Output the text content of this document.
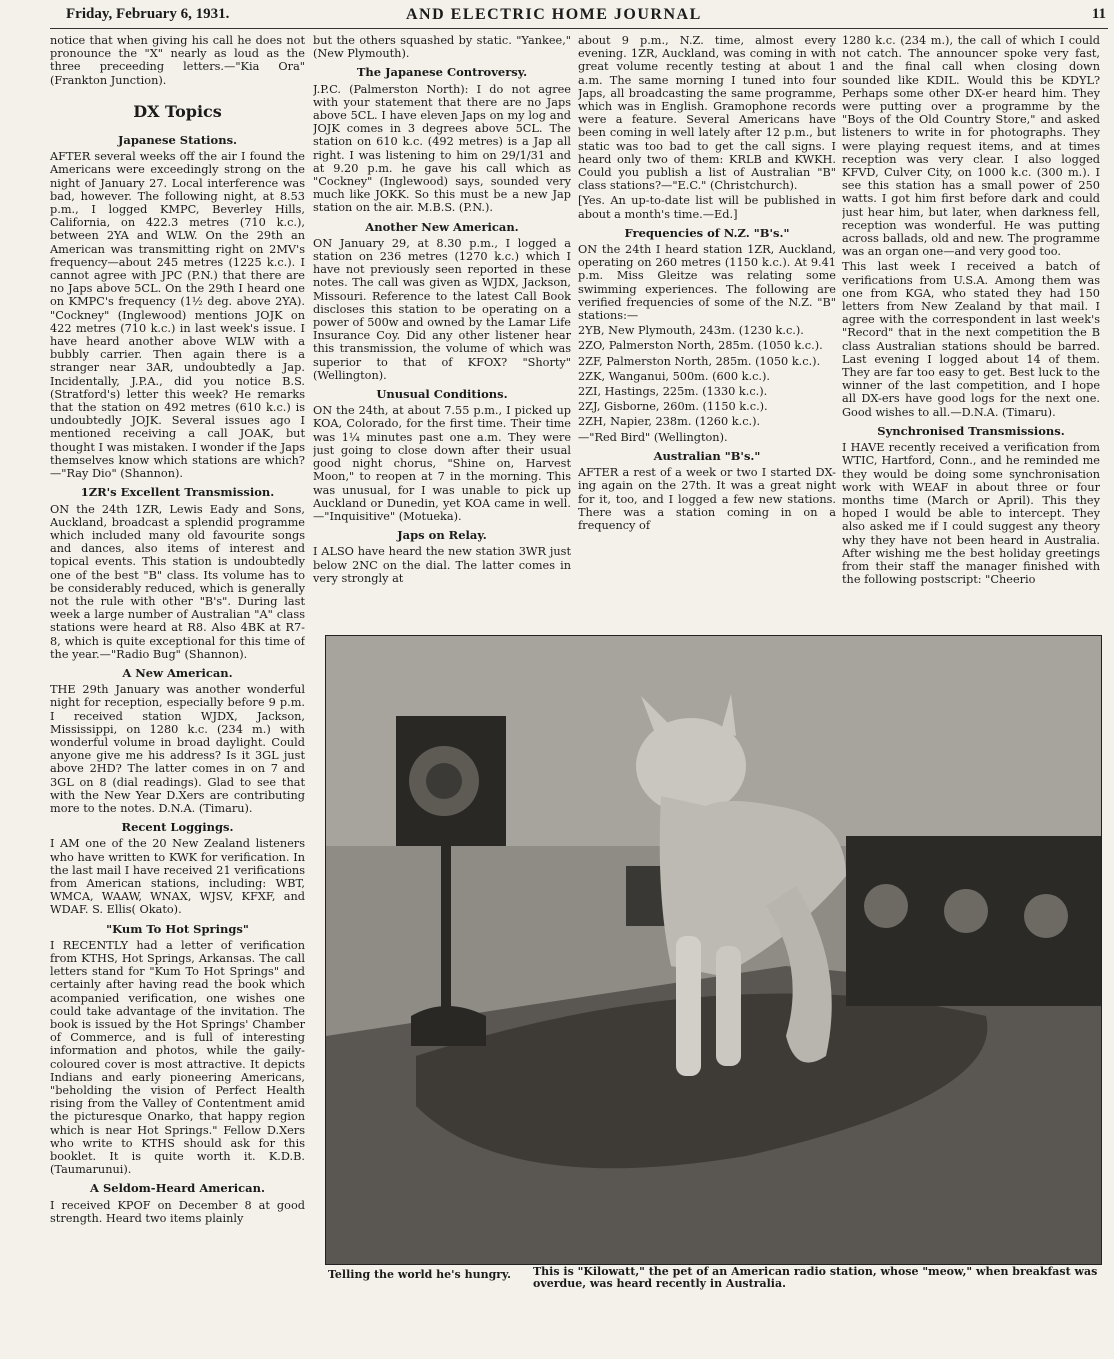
Friday, February 6, 1931.	AND ELECTRIC HOME JOURNAL	11

notice that when giving his call he does not pronounce the "X" nearly as loud as the three preceeding letters.—"Kia Ora" (Frankton Junction).

DX Topics
Japanese Stations.

AFTER several weeks off the air I found the Americans were exceedingly strong on the night of January 27. Local interference was bad, however. The following night, at 8.53 p.m., I logged KMPC, Beverley Hills, California, on 422.3 metres (710 k.c.), between 2YA and WLW. On the 29th an American was transmitting right on 2MV's frequency—about 245 metres (1225 k.c.). I cannot agree with JPC (P.N.) that there are no Japs above 5CL. On the 29th I heard one on KMPC's frequency (1½ deg. above 2YA). "Cockney" (Inglewood) mentions JOJK on 422 metres (710 k.c.) in last week's issue. I have heard another above WLW with a bubbly carrier. Then again there is a stranger near 3AR, undoubtedly a Jap. Incidentally, J.P.A., did you notice B.S. (Stratford's) letter this week? He remarks that the station on 492 metres (610 k.c.) is undoubtedly JOJK. Several issues ago I mentioned receiving a call JOAK, but thought I was mistaken. I wonder if the Japs themselves know which stations are which?—"Ray Dio" (Shannon).

1ZR's Excellent Transmission.

ON the 24th 1ZR, Lewis Eady and Sons, Auckland, broadcast a splendid programme which included many old favourite songs and dances, also items of interest and topical events. This station is undoubtedly one of the best "B" class. Its volume has to be considerably reduced, which is generally not the rule with other "B's". During last week a large number of Australian "A" class stations were heard at R8. Also 4BK at R7-8, which is quite exceptional for this time of the year.—"Radio Bug" (Shannon).

A New American.

THE 29th January was another wonderful night for reception, especially before 9 p.m. I received station WJDX, Jackson, Mississippi, on 1280 k.c. (234 m.) with wonderful volume in broad daylight. Could anyone give me his address? Is it 3GL just above 2HD? The latter comes in on 7 and 3GL on 8 (dial readings). Glad to see that with the New Year D.Xers are contributing more to the notes. D.N.A. (Timaru).

Recent Loggings.

I AM one of the 20 New Zealand listeners who have written to KWK for verification. In the last mail I have received 21 verifications from American stations, including: WBT, WMCA, WAAW, WNAX, WJSV, KFXF, and WDAF. S. Ellis( Okato).

"Kum To Hot Springs"

I RECENTLY had a letter of verification from KTHS, Hot Springs, Arkansas. The call letters stand for "Kum To Hot Springs" and certainly after having read the book which acompanied verification, one wishes one could take advantage of the invitation. The book is issued by the Hot Springs' Chamber of Commerce, and is full of interesting information and photos, while the gaily-coloured cover is most attractive. It depicts Indians and early pioneering Americans, "beholding the vision of Perfect Health rising from the Valley of Contentment amid the picturesque Onarko, that happy region which is near Hot Springs." Fellow D.Xers who write to KTHS should ask for this booklet. It is quite worth it. K.D.B. (Taumarunui).

A Seldom-Heard American.

I received KPOF on December 8 at good strength. Heard two items plainly

but the others squashed by static. "Yankee," (New Plymouth).

The Japanese Controversy.

J.P.C. (Palmerston North): I do not agree with your statement that there are no Japs above 5CL. I have eleven Japs on my log and JOJK comes in 3 degrees above 5CL. The station on 610 k.c. (492 metres) is a Jap all right. I was listening to him on 29/1/31 and at 9.20 p.m. he gave his call which as "Cockney" (Inglewood) says, sounded very much like JOKK. So this must be a new Jap station on the air. M.B.S. (P.N.).

Another New American.

ON January 29, at 8.30 p.m., I logged a station on 236 metres (1270 k.c.) which I have not previously seen reported in these notes. The call was given as WJDX, Jackson, Missouri. Reference to the latest Call Book discloses this station to be operating on a power of 500w and owned by the Lamar Life Insurance Coy. Did any other listener hear this transmission, the volume of which was superior to that of KFOX? "Shorty" (Wellington).

Unusual Conditions.

ON the 24th, at about 7.55 p.m., I picked up KOA, Colorado, for the first time. Their time was 1¼ minutes past one a.m. They were just going to close down after their usual good night chorus, "Shine on, Harvest Moon," to reopen at 7 in the morning. This was unusual, for I was unable to pick up Auckland or Dunedin, yet KOA came in well.—"Inquisitive" (Motueka).

Japs on Relay.

I ALSO have heard the new station 3WR just below 2NC on the dial. The latter comes in very strongly at

about 9 p.m., N.Z. time, almost every evening. 1ZR, Auckland, was coming in with great volume recently testing at about 1 a.m. The same morning I tuned into four Japs, all broadcasting the same programme, which was in English. Gramophone records were a feature. Several Americans have been coming in well lately after 12 p.m., but static was too bad to get the call signs. I heard only two of them: KRLB and KWKH. Could you publish a list of Australian "B" class stations?—"E.C." (Christchurch).

[Yes. An up-to-date list will be published in about a month's time.—Ed.]

Frequencies of N.Z. "B's."

ON the 24th I heard station 1ZR, Auckland, operating on 260 metres (1150 k.c.). At 9.41 p.m. Miss Gleitze was relating some swimming experiences. The following are verified frequencies of some of the N.Z. "B" stations:—

2YB, New Plymouth, 243m. (1230 k.c.).

2ZO, Palmerston North, 285m. (1050 k.c.).

2ZF, Palmerston North, 285m. (1050 k.c.).

2ZK, Wanganui, 500m. (600 k.c.).

2ZI, Hastings, 225m. (1330 k.c.).

2ZJ, Gisborne, 260m. (1150 k.c.).

2ZH, Napier, 238m. (1260 k.c.).

—"Red Bird" (Wellington).

Australian "B's."

AFTER a rest of a week or two I started DX-ing again on the 27th. It was a great night for it, too, and I logged a few new stations. There was a station coming in on a frequency of

1280 k.c. (234 m.), the call of which I could not catch. The announcer spoke very fast, and the final call when closing down sounded like KDIL. Would this be KDYL? Perhaps some other DX-er heard him. They were putting over a programme by the "Boys of the Old Country Store," and asked listeners to write in for photographs. They were playing request items, and at times reception was very clear. I also logged KFVD, Culver City, on 1000 k.c. (300 m.). I see this station has a small power of 250 watts. I got him first before dark and could just hear him, but later, when darkness fell, reception was wonderful. He was putting across ballads, old and new. The programme was an organ one—and very good too.

This last week I received a batch of verifications from U.S.A. Among them was one from KGA, who stated they had 150 letters from New Zealand by that mail. I agree with the correspondent in last week's "Record" that in the next competition the B class Australian stations should be barred. Last evening I logged about 14 of them. They are far too easy to get. Best luck to the winner of the last competition, and I hope all DX-ers have good logs for the next one. Good wishes to all.—D.N.A. (Timaru).

Synchronised Transmissions.

I HAVE recently received a verification from WTIC, Hartford, Conn., and he reminded me they would be doing some synchronisation work with WEAF in about three or four months time (March or April). This they hoped I would be able to intercept. They also asked me if I could suggest any theory why they have not been heard in Australia. After wishing me the best holiday greetings from their staff the manager finished with the following postscript: "Cheerio

Telling the world he's hungry. This is "Kilowatt," the pet of an American radio station, whose "meow," when breakfast was overdue, was heard recently in Australia.
